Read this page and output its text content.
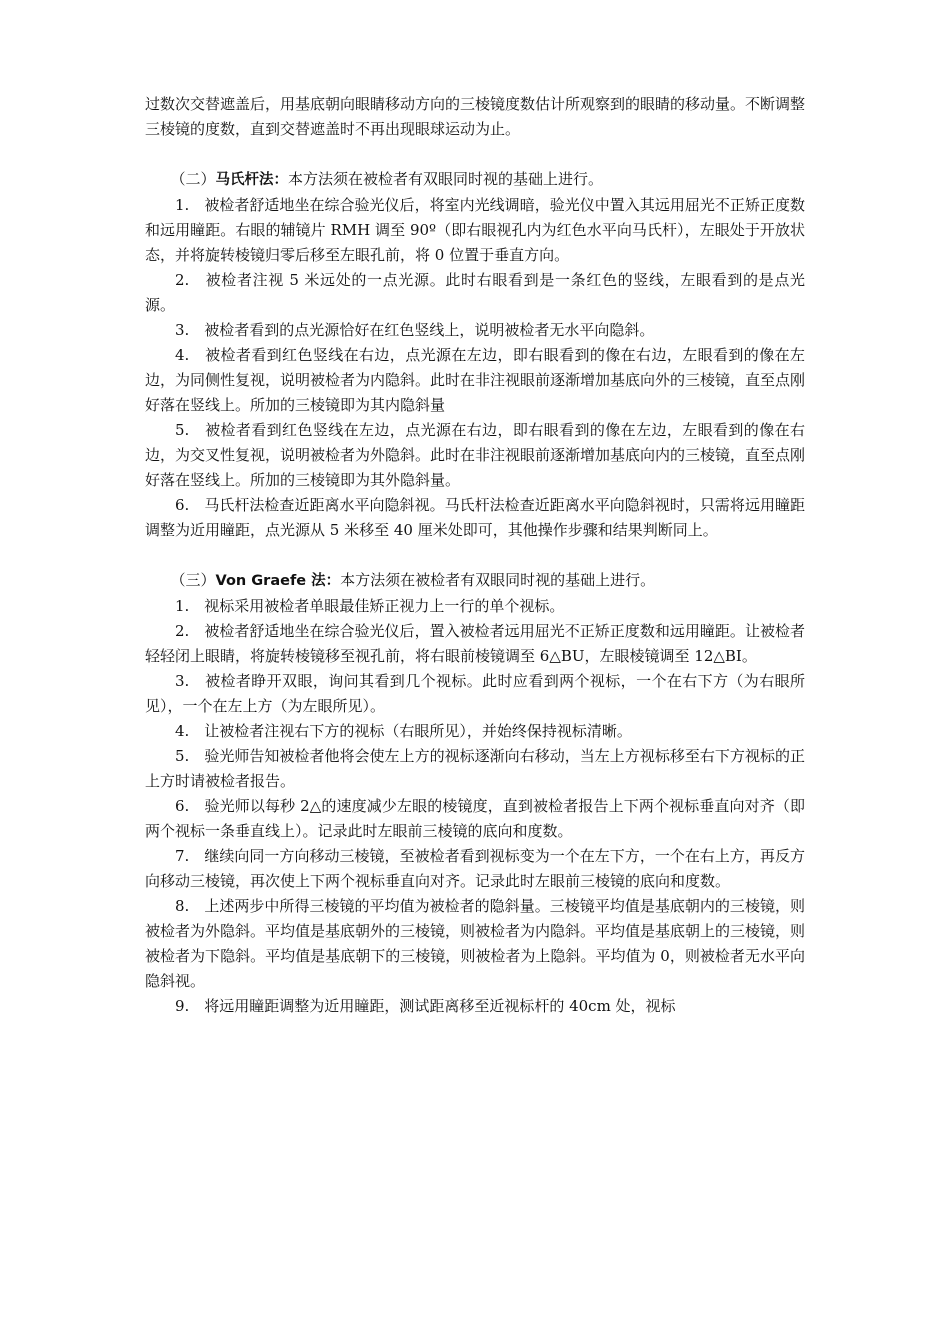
过数次交替遮盖后，用基底朝向眼睛移动方向的三棱镜度数估计所观察到的眼睛的移动量。不断调整三棱镜的度数，直到交替遮盖时不再出现眼球运动为止。

（二）马氏杆法：本方法须在被检者有双眼同时视的基础上进行。

1.　被检者舒适地坐在综合验光仪后，将室内光线调暗，验光仪中置入其远用屈光不正矫正度数和远用瞳距。右眼的辅镜片 RMH 调至 90º（即右眼视孔内为红色水平向马氏杆），左眼处于开放状态，并将旋转棱镜归零后移至左眼孔前，将 0 位置于垂直方向。

2.　被检者注视 5 米远处的一点光源。此时右眼看到是一条红色的竖线，左眼看到的是点光源。

3.　被检者看到的点光源恰好在红色竖线上，说明被检者无水平向隐斜。

4.　被检者看到红色竖线在右边，点光源在左边，即右眼看到的像在右边，左眼看到的像在左边，为同侧性复视，说明被检者为内隐斜。此时在非注视眼前逐渐增加基底向外的三棱镜，直至点刚好落在竖线上。所加的三棱镜即为其内隐斜量

5.　被检者看到红色竖线在左边，点光源在右边，即右眼看到的像在左边，左眼看到的像在右边，为交叉性复视，说明被检者为外隐斜。此时在非注视眼前逐渐增加基底向内的三棱镜，直至点刚好落在竖线上。所加的三棱镜即为其外隐斜量。

6.　马氏杆法检查近距离水平向隐斜视。马氏杆法检查近距离水平向隐斜视时，只需将远用瞳距调整为近用瞳距，点光源从 5 米移至 40 厘米处即可，其他操作步骤和结果判断同上。

（三）Von Graefe 法：本方法须在被检者有双眼同时视的基础上进行。

1.　视标采用被检者单眼最佳矫正视力上一行的单个视标。

2.　被检者舒适地坐在综合验光仪后，置入被检者远用屈光不正矫正度数和远用瞳距。让被检者轻轻闭上眼睛，将旋转棱镜移至视孔前，将右眼前棱镜调至 6△BU，左眼棱镜调至 12△BI。

3.　被检者睁开双眼，询问其看到几个视标。此时应看到两个视标，一个在右下方（为右眼所见），一个在左上方（为左眼所见）。

4.　让被检者注视右下方的视标（右眼所见），并始终保持视标清晰。

5.　验光师告知被检者他将会使左上方的视标逐渐向右移动，当左上方视标移至右下方视标的正上方时请被检者报告。

6.　验光师以每秒 2△的速度减少左眼的棱镜度，直到被检者报告上下两个视标垂直向对齐（即两个视标一条垂直线上）。记录此时左眼前三棱镜的底向和度数。

7.　继续向同一方向移动三棱镜，至被检者看到视标变为一个在左下方，一个在右上方，再反方向移动三棱镜，再次使上下两个视标垂直向对齐。记录此时左眼前三棱镜的底向和度数。

8.　上述两步中所得三棱镜的平均值为被检者的隐斜量。三棱镜平均值是基底朝内的三棱镜，则被检者为外隐斜。平均值是基底朝外的三棱镜，则被检者为内隐斜。平均值是基底朝上的三棱镜，则被检者为下隐斜。平均值是基底朝下的三棱镜，则被检者为上隐斜。平均值为 0，则被检者无水平向隐斜视。

9.　将远用瞳距调整为近用瞳距，测试距离移至近视标杆的 40cm 处，视标
